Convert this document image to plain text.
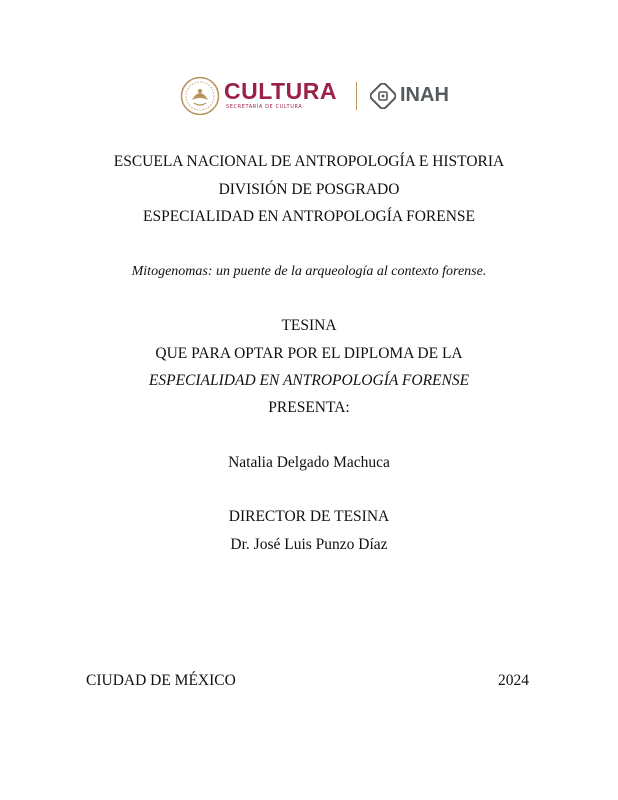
CULTURA
SECRETARÍA DE CULTURA
INAH
ESCUELA NACIONAL DE ANTROPOLOGÍA E HISTORIA
DIVISIÓN DE POSGRADO
ESPECIALIDAD EN ANTROPOLOGÍA FORENSE
Mitogenomas: un puente de la arqueología al contexto forense.
TESINA
QUE PARA OPTAR POR EL DIPLOMA DE LA
ESPECIALIDAD EN ANTROPOLOGÍA FORENSE
PRESENTA:
Natalia Delgado Machuca
DIRECTOR DE TESINA
Dr. José Luis Punzo Díaz
CIUDAD DE MÉXICO	2024
